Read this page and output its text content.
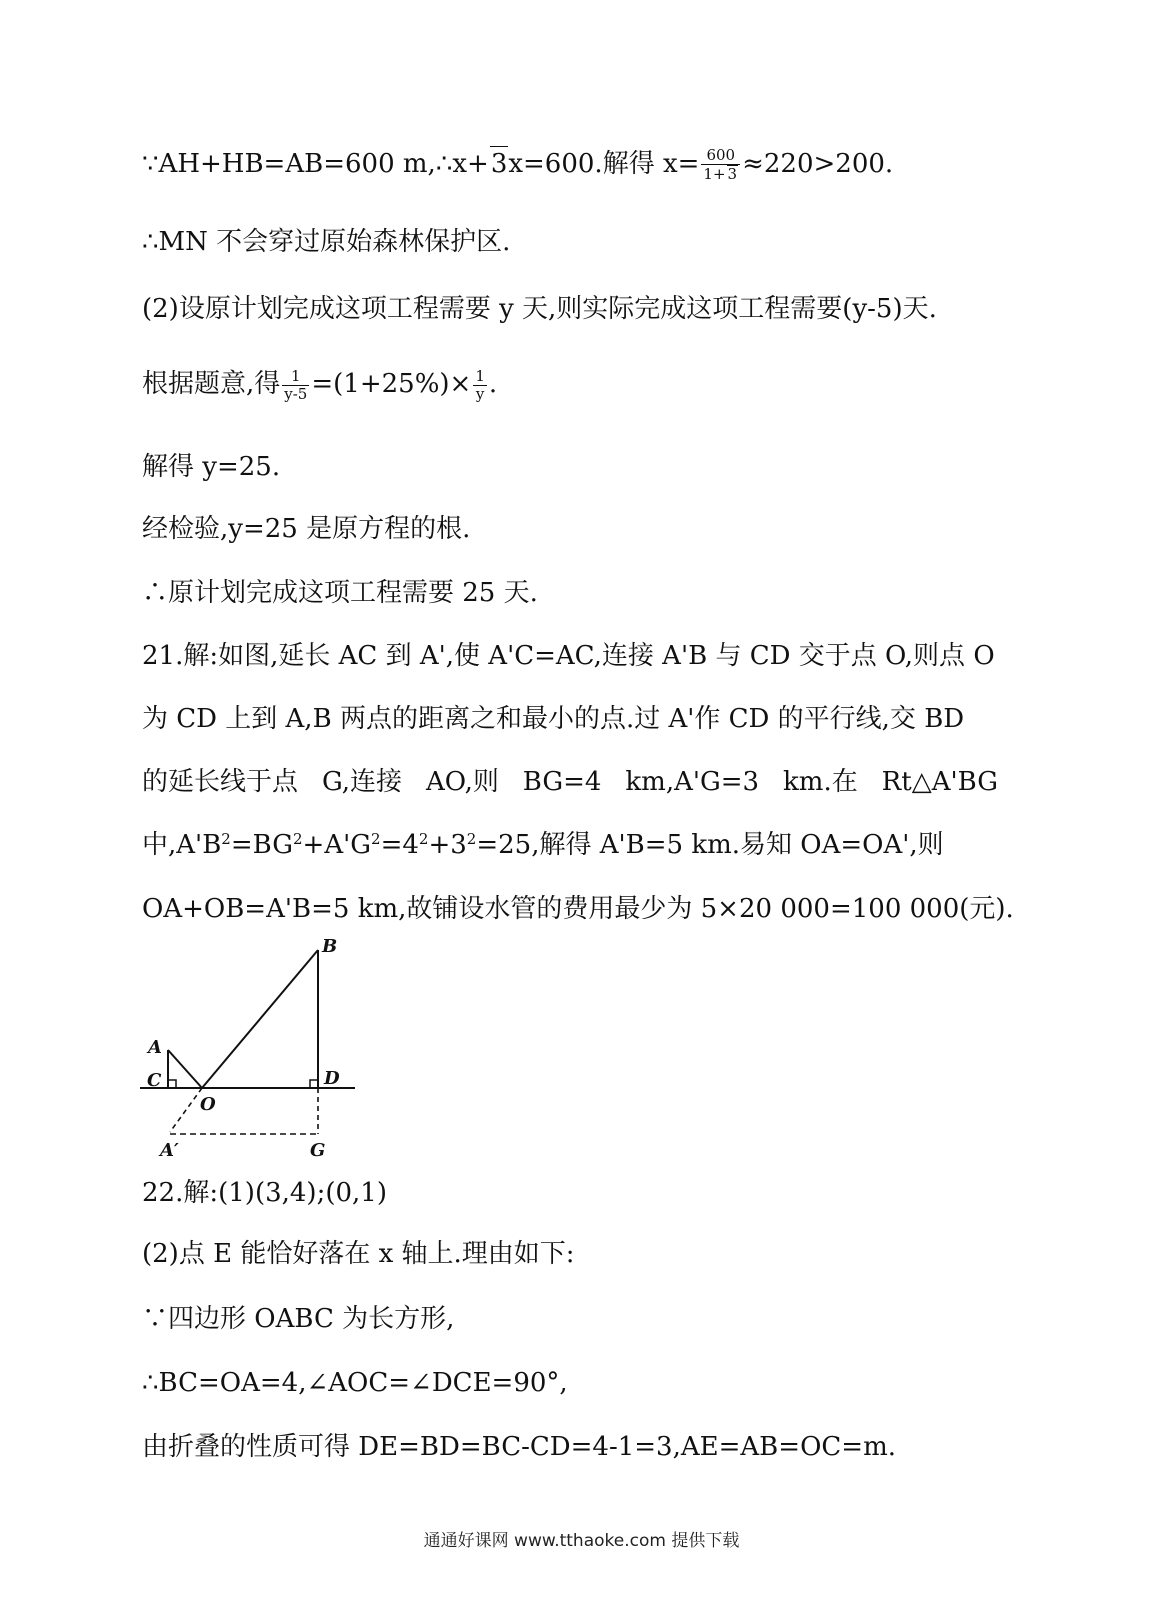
∵AH+HB=AB=600 m,∴x+3x=600.解得 $x= \frac{600}{1+ 3} \approx 220>200$.
∴MN 不会穿过原始森林保护区.
(2)设原计划完成这项工程需要 y 天,则实际完成这项工程需要(y-5)天.
根据题意,得 $\frac{1}{y-5} =(1+25\%)\times \frac{1}{y}$ .
解得 y=25.
经检验,y=25 是原方程的根.
∴原计划完成这项工程需要 25 天.
21.解:如图,延长 AC 到 A',使 A'C=AC,连接 A'B 与 CD 交于点 O,则点 O
为 CD 上到 A,B 两点的距离之和最小的点.过 A'作 CD 的平行线,交 BD
的延长线于点 G,连接 AO,则 BG=4 km,A'G=3 km.在 Rt△A'BG
中$,A'B^2=BG^2+A'G^2=4^2+3^2=25$,解得 A'B=5 km.易知 OA=OA',则
OA+OB=A'B=5 km,故铺设水管的费用最少为 5×20 000=100 000(元).
A
C
O
B
D
A′	G
22.解:(1)(3,4);(0,1)
(2)点 E 能恰好落在 x 轴上.理由如下:
∵四边形 OABC 为长方形,
∴BC=OA=4,∠AOC=∠DCE=90°,
由折叠的性质可得 DE=BD=BC-CD=4-1=3,AE=AB=OC=m.
通通好课网 www.tthaoke.com 提供下载
